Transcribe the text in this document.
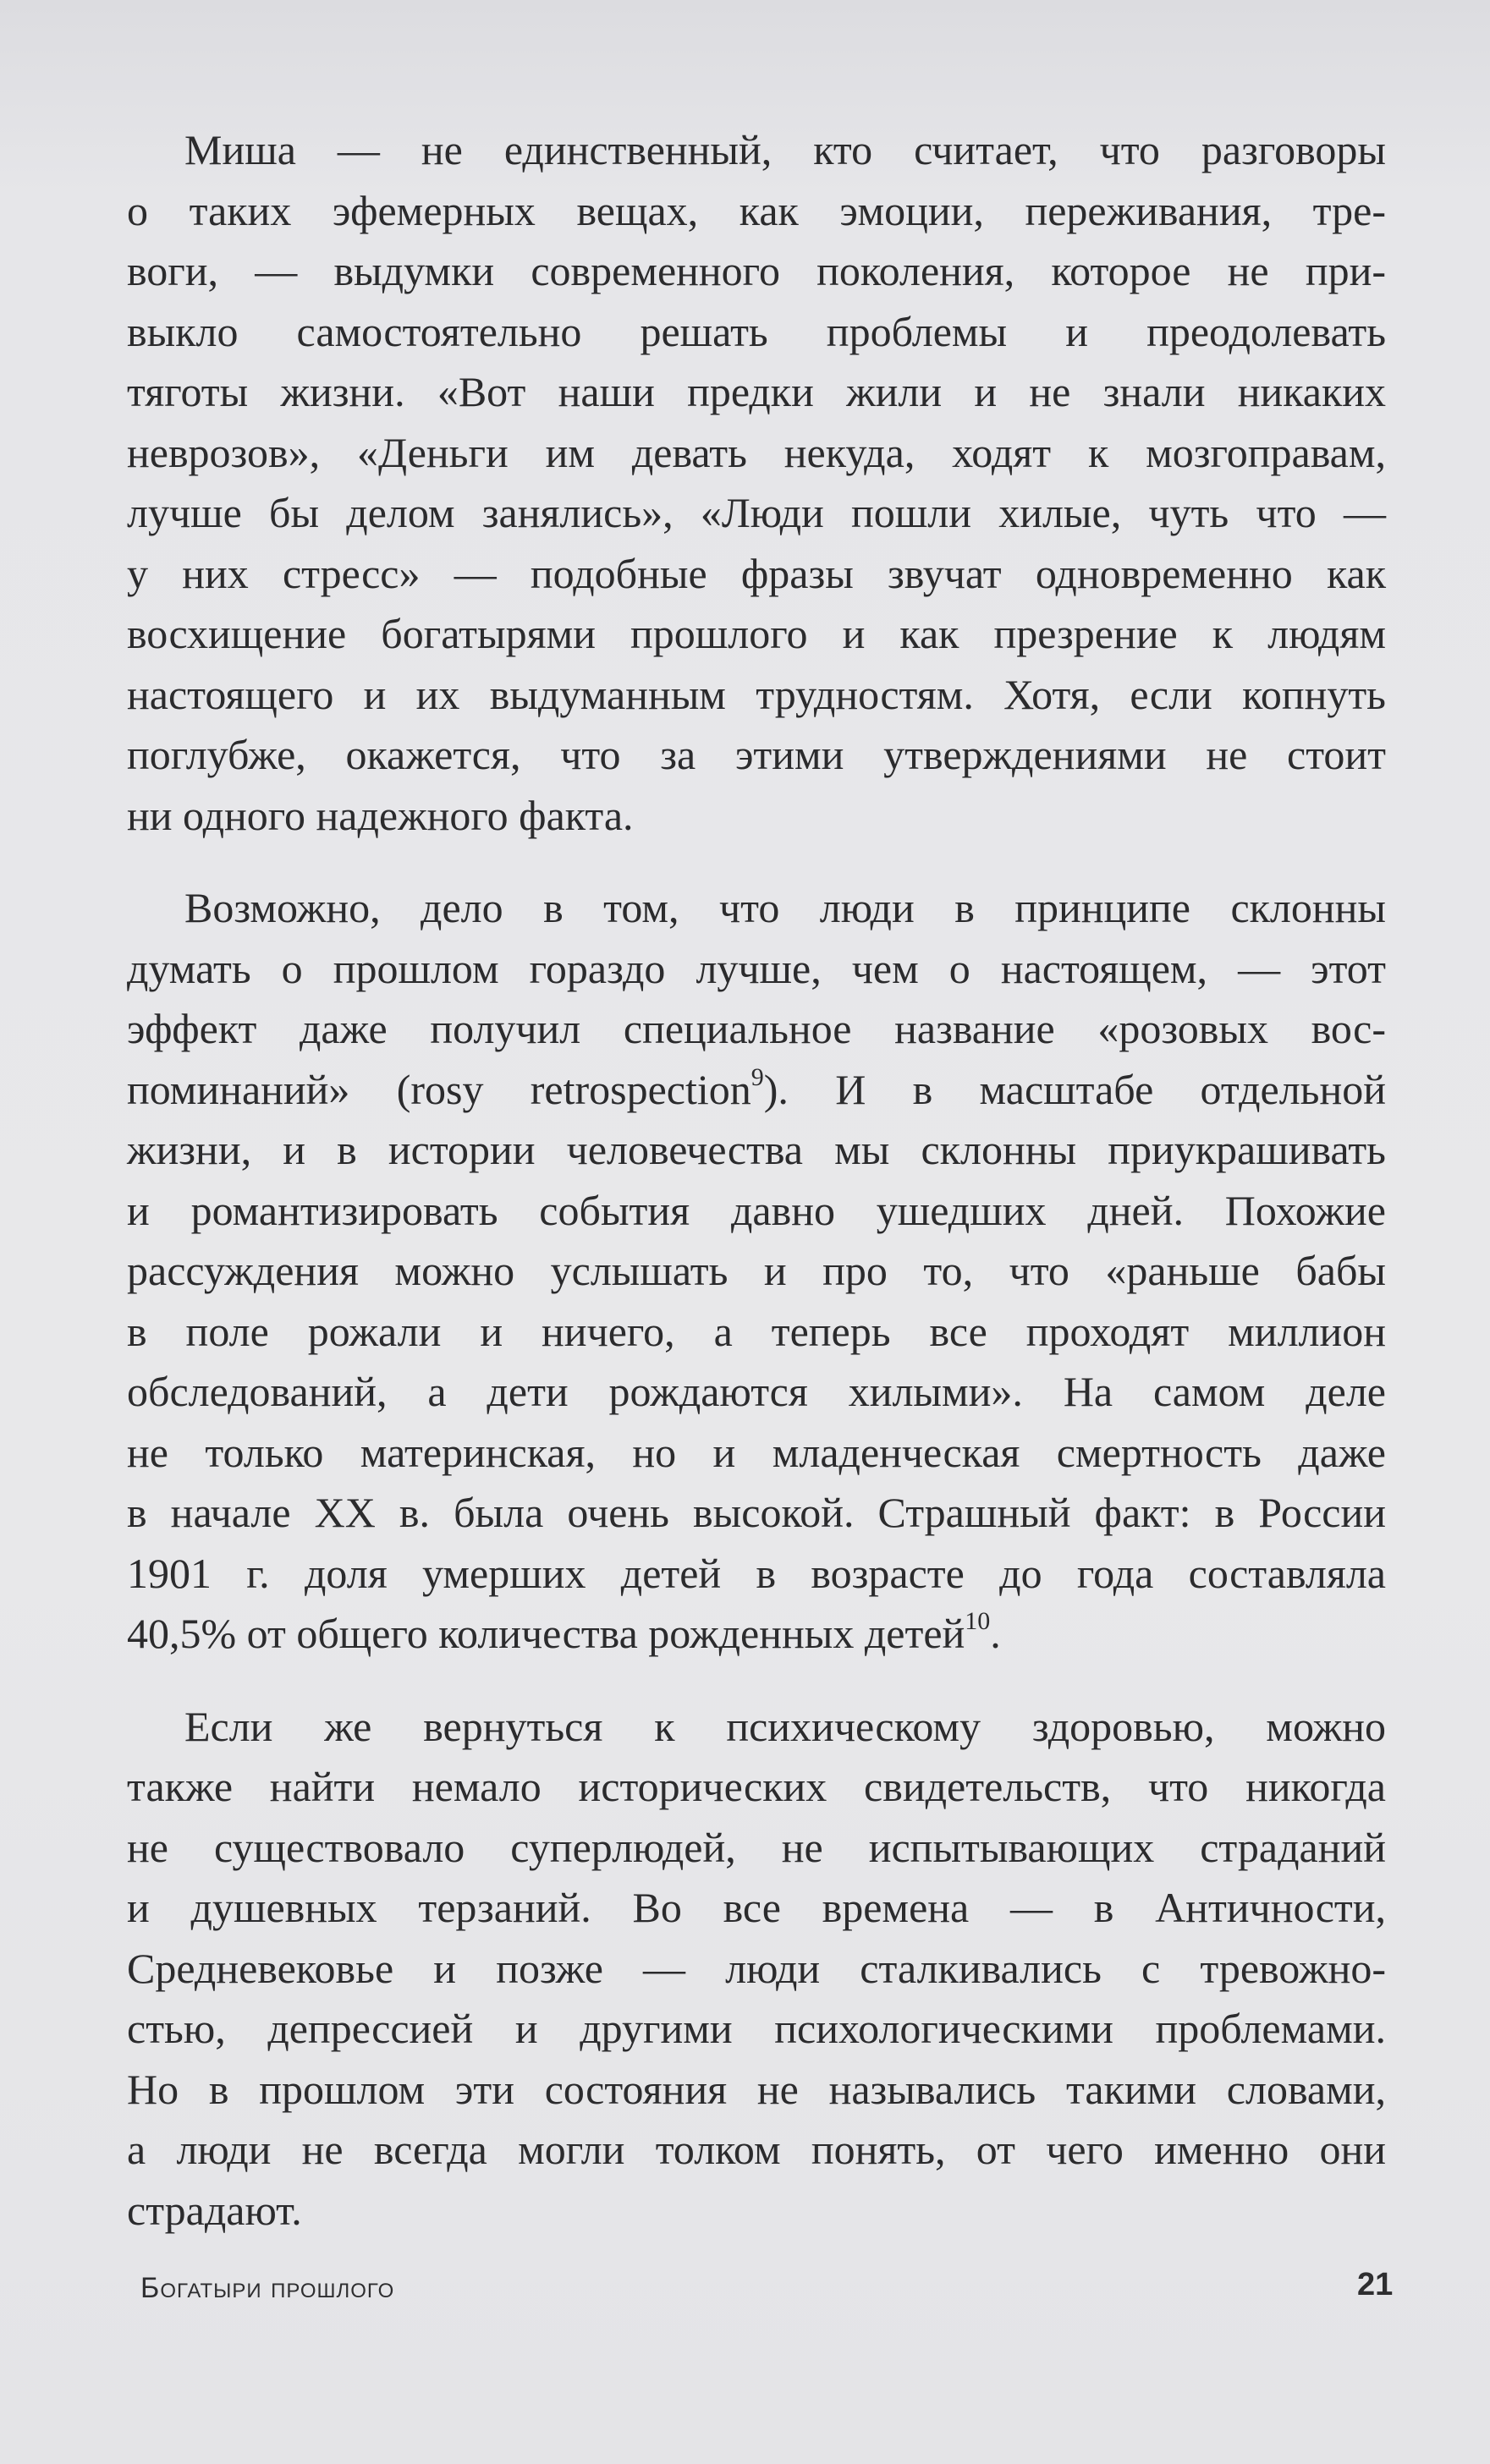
Миша — не единственный, кто считает, что разговоры
о таких эфемерных вещах, как эмоции, переживания, тре-
воги, — выдумки современного поколения, которое не при-
выкло самостоятельно решать проблемы и преодолевать
тяготы жизни. «Вот наши предки жили и не знали никаких
неврозов», «Деньги им девать некуда, ходят к мозгоправам,
лучше бы делом занялись», «Люди пошли хилые, чуть что —
у них стресс» — подобные фразы звучат одновременно как
восхищение богатырями прошлого и как презрение к людям
настоящего и их выдуманным трудностям. Хотя, если копнуть
поглубже, окажется, что за этими утверждениями не стоит
ни одного надежного факта.
Возможно, дело в том, что люди в принципе склонны
думать о прошлом гораздо лучше, чем о настоящем, — этот
эффект даже получил специальное название «розовых вос-
поминаний» (rosy retrospection$^9$). И в масштабе отдельной
жизни, и в истории человечества мы склонны приукрашивать
и романтизировать события давно ушедших дней. Похожие
рассуждения можно услышать и про то, что «раньше бабы
в поле рожали и ничего, а теперь все проходят миллион
обследований, а дети рождаются хилыми». На самом деле
не только материнская, но и младенческая смертность даже
в начале XX в. была очень высокой. Страшный факт: в России
1901 г. доля умерших детей в возрасте до года составляла
40,5% от общего количества рожденных детей$^{10}$.
Если же вернуться к психическому здоровью, можно
также найти немало исторических свидетельств, что никогда
не существовало суперлюдей, не испытывающих страданий
и душевных терзаний. Во все времена — в Античности,
Средневековье и позже — люди сталкивались с тревожно-
стью, депрессией и другими психологическими проблемами.
Но в прошлом эти состояния не назывались такими словами,
а люди не всегда могли толком понять, от чего именно они
страдают.
Богатыри прошлого	21
